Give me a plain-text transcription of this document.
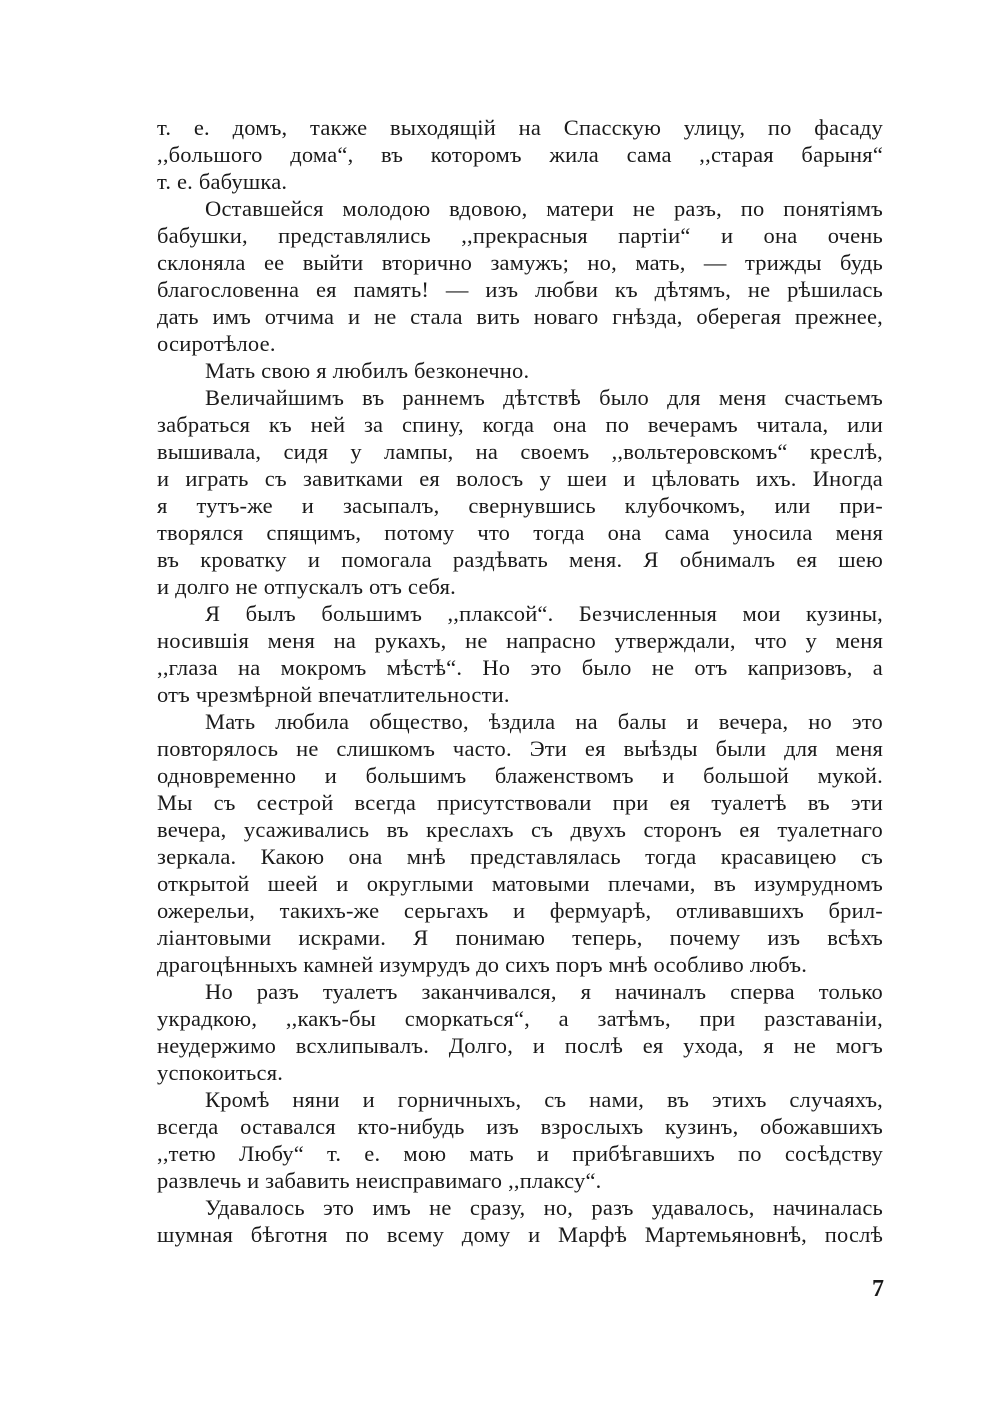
т. е. домъ, также выходящій на Спасскую улицу, по фасаду
,,большого дома“, въ которомъ жила сама ,,старая барыня“
т. е. бабушка.
Оставшейся молодою вдовою, матери не разъ, по понятіямъ
бабушки, представлялись ,,прекрасныя партіи“ и она очень
склоняла ее выйти вторично замужъ; но, мать, — трижды будь
благословенна ея память! — изъ любви къ дѣтямъ, не рѣшилась
дать имъ отчима и не стала вить новаго гнѣзда, оберегая прежнее,
осиротѣлое.
Мать свою я любилъ безконечно.
Величайшимъ въ раннемъ дѣтствѣ было для меня счастьемъ
забраться къ ней за спину, когда она по вечерамъ читала, или
вышивала, сидя у лампы, на своемъ ,,вольтеровскомъ“ креслѣ,
и играть съ завитками ея волосъ у шеи и цѣловать ихъ. Иногда
я тутъ-же и засыпалъ, свернувшись клубочкомъ, или при-
творялся спящимъ, потому что тогда она сама уносила меня
въ кроватку и помогала раздѣвать меня. Я обнималъ ея шею
и долго не отпускалъ отъ себя.
Я былъ большимъ ,,плаксой“. Безчисленныя мои кузины,
носившія меня на рукахъ, не напрасно утверждали, что у меня
,,глаза на мокромъ мѣстѣ“. Но это было не отъ капризовъ, а
отъ чрезмѣрной впечатлительности.
Мать любила общество, ѣздила на балы и вечера, но это
повторялось не слишкомъ часто. Эти ея выѣзды были для меня
одновременно и большимъ блаженствомъ и большой мукой.
Мы съ сестрой всегда присутствовали при ея туалетѣ въ эти
вечера, усаживались въ креслахъ съ двухъ сторонъ ея туалетнаго
зеркала. Какою она мнѣ представлялась тогда красавицею съ
открытой шеей и округлыми матовыми плечами, въ изумрудномъ
ожерельи, такихъ-же серьгахъ и фермуарѣ, отливавшихъ брил-
ліантовыми искрами. Я понимаю теперь, почему изъ всѣхъ
драгоцѣнныхъ камней изумрудъ до сихъ поръ мнѣ особливо любъ.
Но разъ туалетъ заканчивался, я начиналъ сперва только
украдкою, ,,какъ-бы сморкаться“, а затѣмъ, при разставаніи,
неудержимо всхлипывалъ. Долго, и послѣ ея ухода, я не могъ
успокоиться.
Кромѣ няни и горничныхъ, съ нами, въ этихъ случаяхъ,
всегда оставался кто-нибудь изъ взрослыхъ кузинъ, обожавшихъ
,,тетю Любу“ т. е. мою мать и прибѣгавшихъ по сосѣдству
развлечь и забавить неисправимаго ,,плаксу“.
Удавалось это имъ не сразу, но, разъ удавалось, начиналась
шумная бѣготня по всему дому и Марфѣ Мартемьяновнѣ, послѣ
7
